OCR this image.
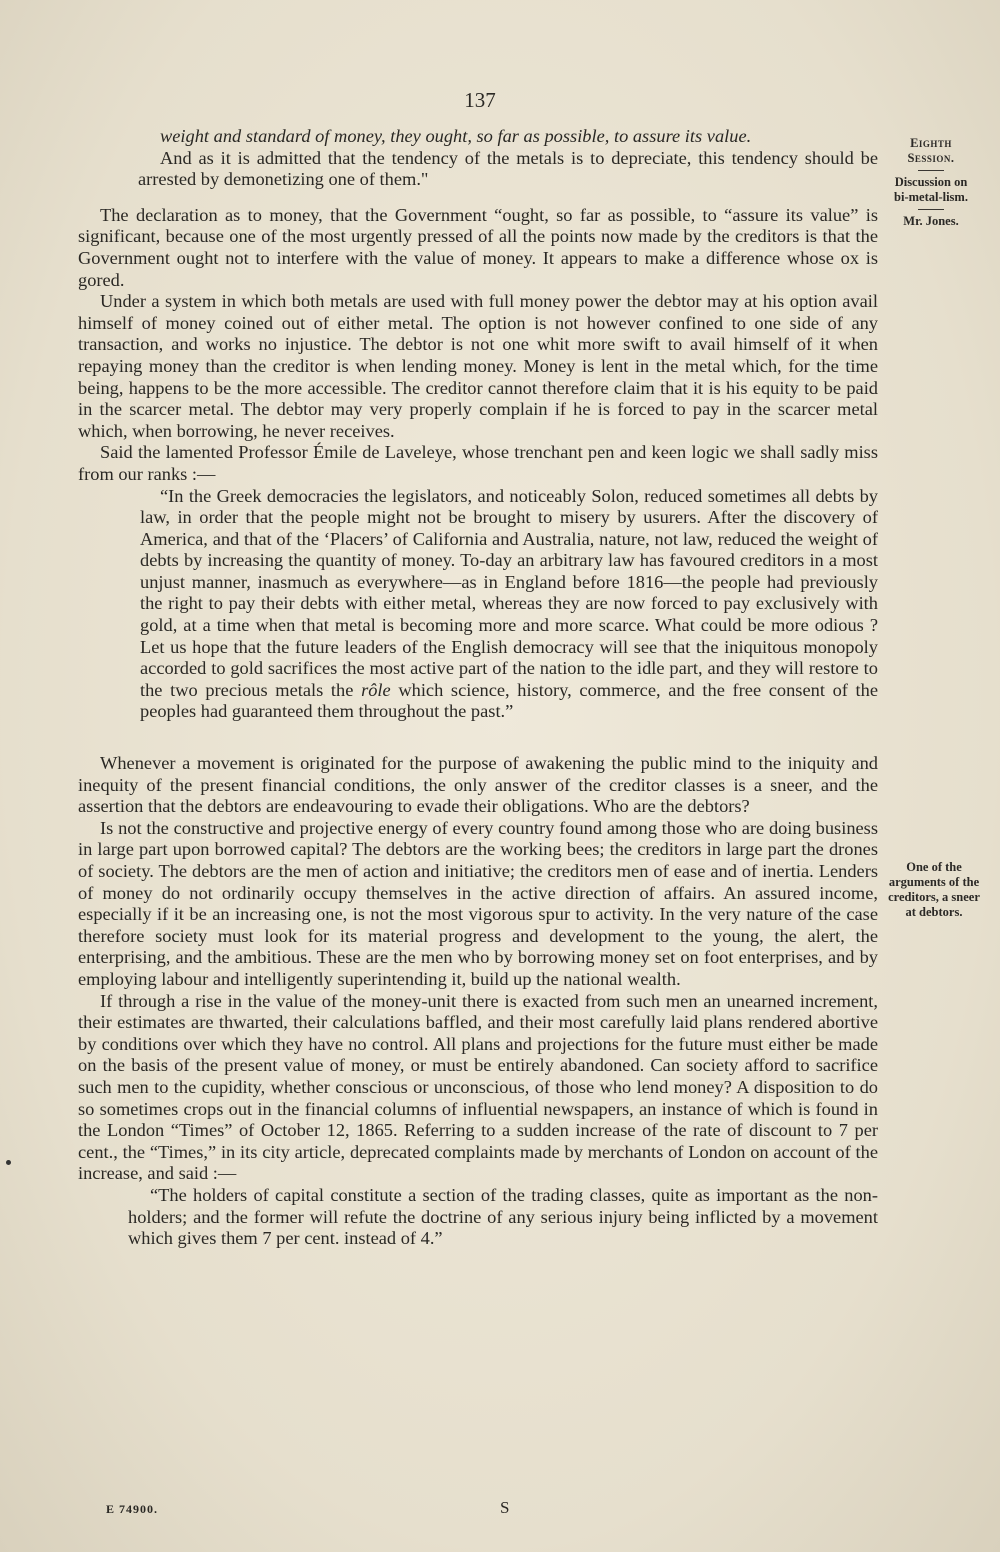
137
Eighth
Session.
Discussion on bi-metal-lism.
Mr. Jones.
One of the arguments of the creditors, a sneer at debtors.

weight and standard of money, they ought, so far as possible, to assure its value.

And as it is admitted that the tendency of the metals is to depreciate, this tendency should be arrested by demonetizing one of them."

The declaration as to money, that the Government “ought, so far as possible, to “assure its value” is significant, because one of the most urgently pressed of all the points now made by the creditors is that the Government ought not to interfere with the value of money. It appears to make a difference whose ox is gored.

Under a system in which both metals are used with full money power the debtor may at his option avail himself of money coined out of either metal. The option is not however confined to one side of any transaction, and works no injustice. The debtor is not one whit more swift to avail himself of it when repaying money than the creditor is when lending money. Money is lent in the metal which, for the time being, happens to be the more accessible. The creditor cannot therefore claim that it is his equity to be paid in the scarcer metal. The debtor may very properly complain if he is forced to pay in the scarcer metal which, when borrowing, he never receives.

Said the lamented Professor Émile de Laveleye, whose trenchant pen and keen logic we shall sadly miss from our ranks :—

“In the Greek democracies the legislators, and noticeably Solon, reduced sometimes all debts by law, in order that the people might not be brought to misery by usurers. After the discovery of America, and that of the ‘Placers’ of California and Australia, nature, not law, reduced the weight of debts by increasing the quantity of money. To-day an arbitrary law has favoured creditors in a most unjust manner, inasmuch as everywhere—as in England before 1816—the people had previously the right to pay their debts with either metal, whereas they are now forced to pay exclusively with gold, at a time when that metal is becoming more and more scarce. What could be more odious ? Let us hope that the future leaders of the English democracy will see that the iniquitous monopoly accorded to gold sacrifices the most active part of the nation to the idle part, and they will restore to the two precious metals the rôle which science, history, commerce, and the free consent of the peoples had guaranteed them throughout the past.”

Whenever a movement is originated for the purpose of awakening the public mind to the iniquity and inequity of the present financial conditions, the only answer of the creditor classes is a sneer, and the assertion that the debtors are endeavouring to evade their obligations. Who are the debtors?

Is not the constructive and projective energy of every country found among those who are doing business in large part upon borrowed capital? The debtors are the working bees; the creditors in large part the drones of society. The debtors are the men of action and initiative; the creditors men of ease and of inertia. Lenders of money do not ordinarily occupy themselves in the active direction of affairs. An assured income, especially if it be an increasing one, is not the most vigorous spur to activity. In the very nature of the case therefore society must look for its material progress and development to the young, the alert, the enterprising, and the ambitious. These are the men who by borrowing money set on foot enterprises, and by employing labour and intelligently superintending it, build up the national wealth.

If through a rise in the value of the money-unit there is exacted from such men an unearned increment, their estimates are thwarted, their calculations baffled, and their most carefully laid plans rendered abortive by conditions over which they have no control. All plans and projections for the future must either be made on the basis of the present value of money, or must be entirely abandoned. Can society afford to sacrifice such men to the cupidity, whether conscious or unconscious, of those who lend money? A disposition to do so sometimes crops out in the financial columns of influential newspapers, an instance of which is found in the London “Times” of October 12, 1865. Referring to a sudden increase of the rate of discount to 7 per cent., the “Times,” in its city article, deprecated complaints made by merchants of London on account of the increase, and said :—

“The holders of capital constitute a section of the trading classes, quite as important as the non-holders; and the former will refute the doctrine of any serious injury being inflicted by a movement which gives them 7 per cent. instead of 4.”

E 74900.	S
